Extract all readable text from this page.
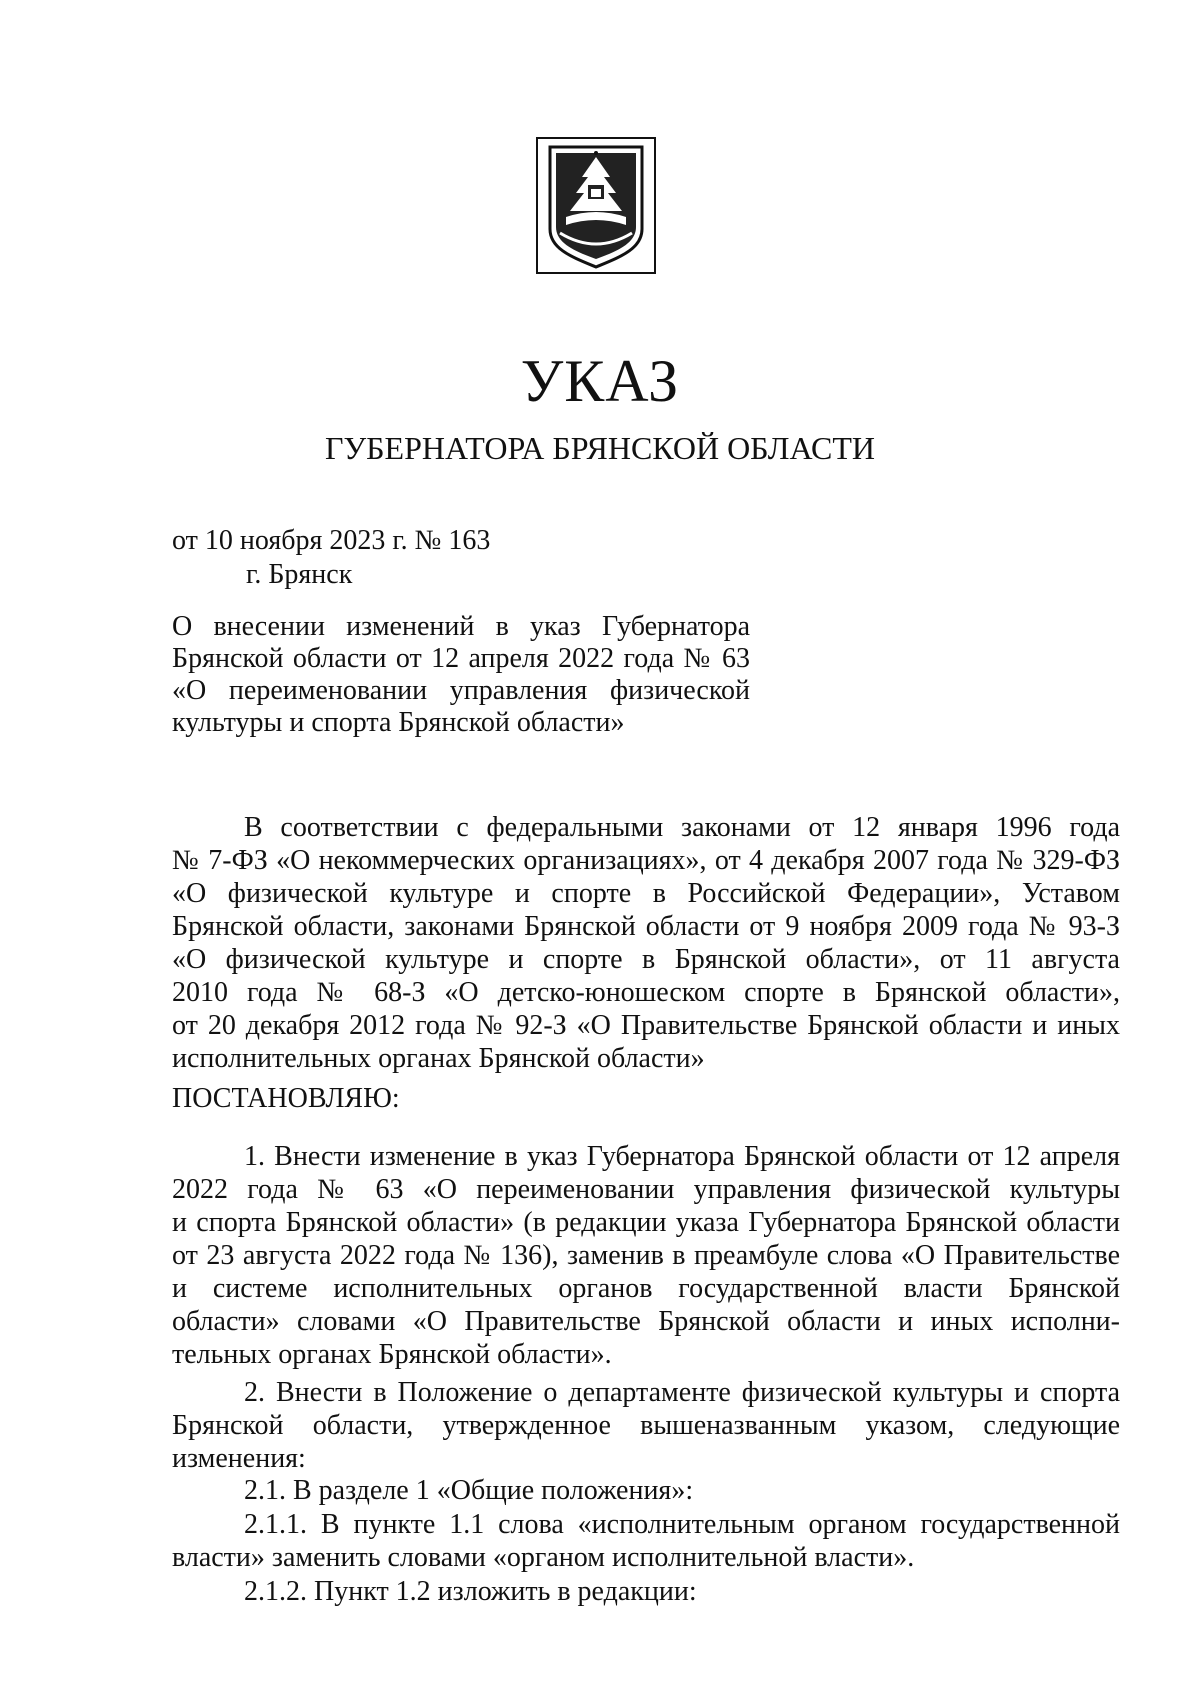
УКАЗ
ГУБЕРНАТОРА БРЯНСКОЙ ОБЛАСТИ
от 10 ноября 2023 г. № 163
г. Брянск
О внесении изменений в указ Губернатора
Брянской области от 12 апреля 2022 года № 63
«О переименовании управления физической
культуры и спорта Брянской области»
В соответствии с федеральными законами от 12 января 1996 года
№ 7-ФЗ «О некоммерческих организациях», от 4 декабря 2007 года № 329-ФЗ
«О физической культуре и спорте в Российской Федерации», Уставом
Брянской области, законами Брянской области от 9 ноября 2009 года № 93-З
«О физической культуре и спорте в Брянской области», от 11 августа
2010 года № 68-З «О детско-юношеском спорте в Брянской области»,
от 20 декабря 2012 года № 92-З «О Правительстве Брянской области и иных
исполнительных органах Брянской области»
ПОСТАНОВЛЯЮ:
1. Внести изменение в указ Губернатора Брянской области от 12 апреля
2022 года № 63 «О переименовании управления физической культуры
и спорта Брянской области» (в редакции указа Губернатора Брянской области
от 23 августа 2022 года № 136), заменив в преамбуле слова «О Правительстве
и системе исполнительных органов государственной власти Брянской
области» словами «О Правительстве Брянской области и иных исполни-
тельных органах Брянской области».
2. Внести в Положение о департаменте физической культуры и спорта
Брянской области, утвержденное вышеназванным указом, следующие
изменения:
2.1. В разделе 1 «Общие положения»:
2.1.1. В пункте 1.1 слова «исполнительным органом государственной
власти» заменить словами «органом исполнительной власти».
2.1.2. Пункт 1.2 изложить в редакции:
